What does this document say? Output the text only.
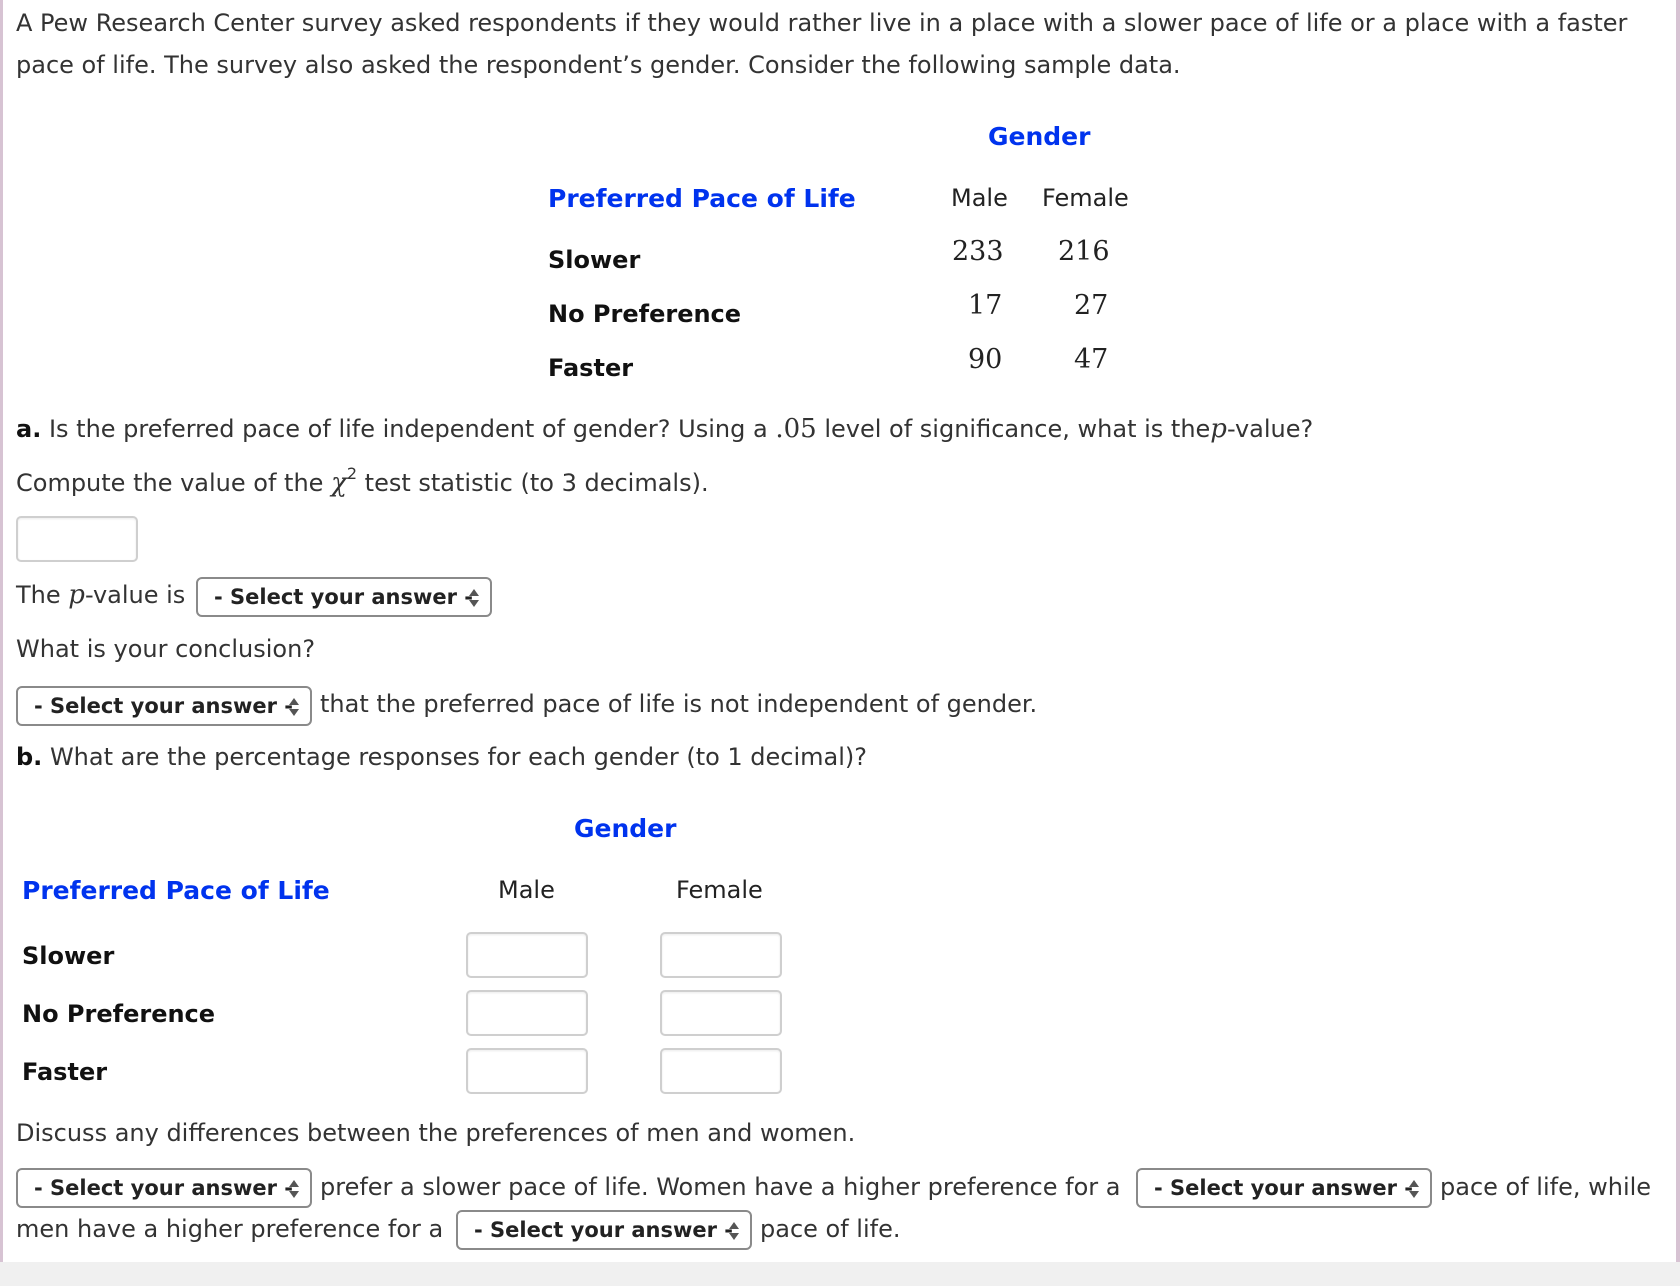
A Pew Research Center survey asked respondents if they would rather live in a place with a slower pace of life or a place with a faster
pace of life. The survey also asked the respondent’s gender. Consider the following sample data.
Gender
Preferred Pace of Life	Male Female
Slower	233 216
No Preference	17	27
Faster	90	47
a. Is the preferred pace of life independent of gender? Using a .05 level of significance, what is thep-value?
Compute the value of the $\chi^2$ test statistic (to 3 decimals).
The p-value is - Select your answer -
What is your conclusion?
- Select your answer - that the preferred pace of life is not independent of gender.
b. What are the percentage responses for each gender (to 1 decimal)?
Gender
Preferred Pace of Life	Male	Female
Slower
No Preference
Faster
Discuss any differences between the preferences of men and women.
- Select your answer - prefer a slower pace of life. Women have a higher preference for a - Select your answer - pace of life, while
men have a higher preference for a - Select your answer - pace of life.
